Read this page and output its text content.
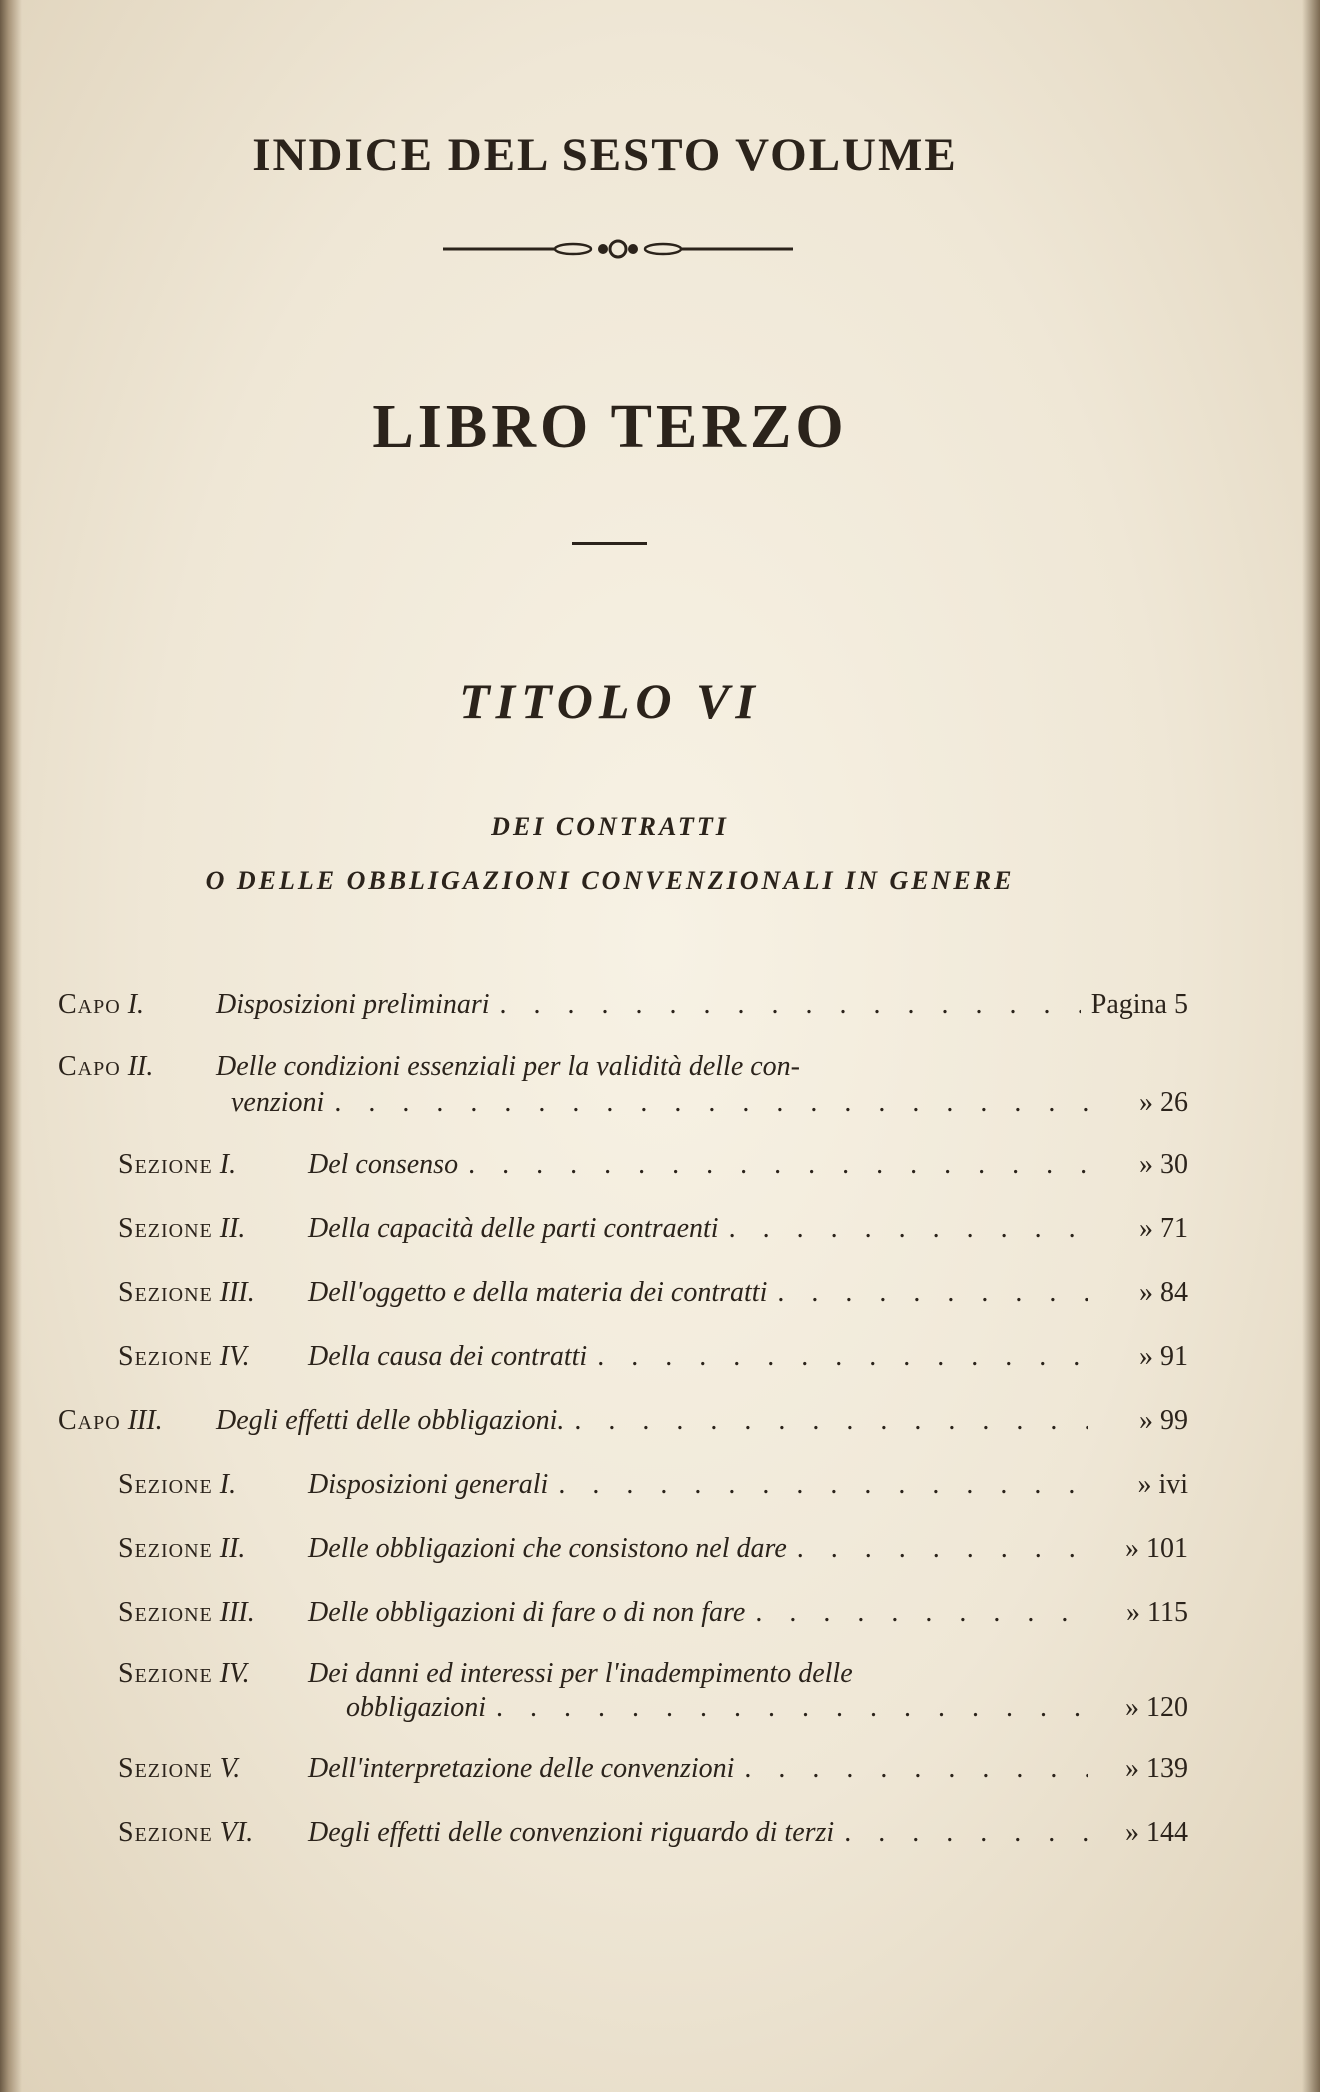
INDICE DEL SESTO VOLUME
LIBRO TERZO
TITOLO VI
DEI CONTRATTI
O DELLE OBBLIGAZIONI CONVENZIONALI IN GENERE
Capo I.	Disposizioni preliminari . . .	Pagina 5
Capo II.	Delle condizioni essenziali per la validità delle con-
venzioni . . .	» 26
Sezione I.	Del consenso . . .	» 30
Sezione II.	Della capacità delle parti contraenti . . .	» 71
Sezione III.	Dell'oggetto e della materia dei contratti . . .	» 84
Sezione IV.	Della causa dei contratti . . .	» 91
Capo III.	Degli effetti delle obbligazioni. . . .	» 99
Sezione I.	Disposizioni generali . . .	» ivi
Sezione II.	Delle obbligazioni che consistono nel dare . . .	» 101
Sezione III.	Delle obbligazioni di fare o di non fare . . .	» 115
Sezione IV.	Dei danni ed interessi per l'inadempimento delle
obbligazioni . . .	» 120
Sezione V.	Dell'interpretazione delle convenzioni . . .	» 139
Sezione VI.	Degli effetti delle convenzioni riguardo di terzi . . .	» 144
